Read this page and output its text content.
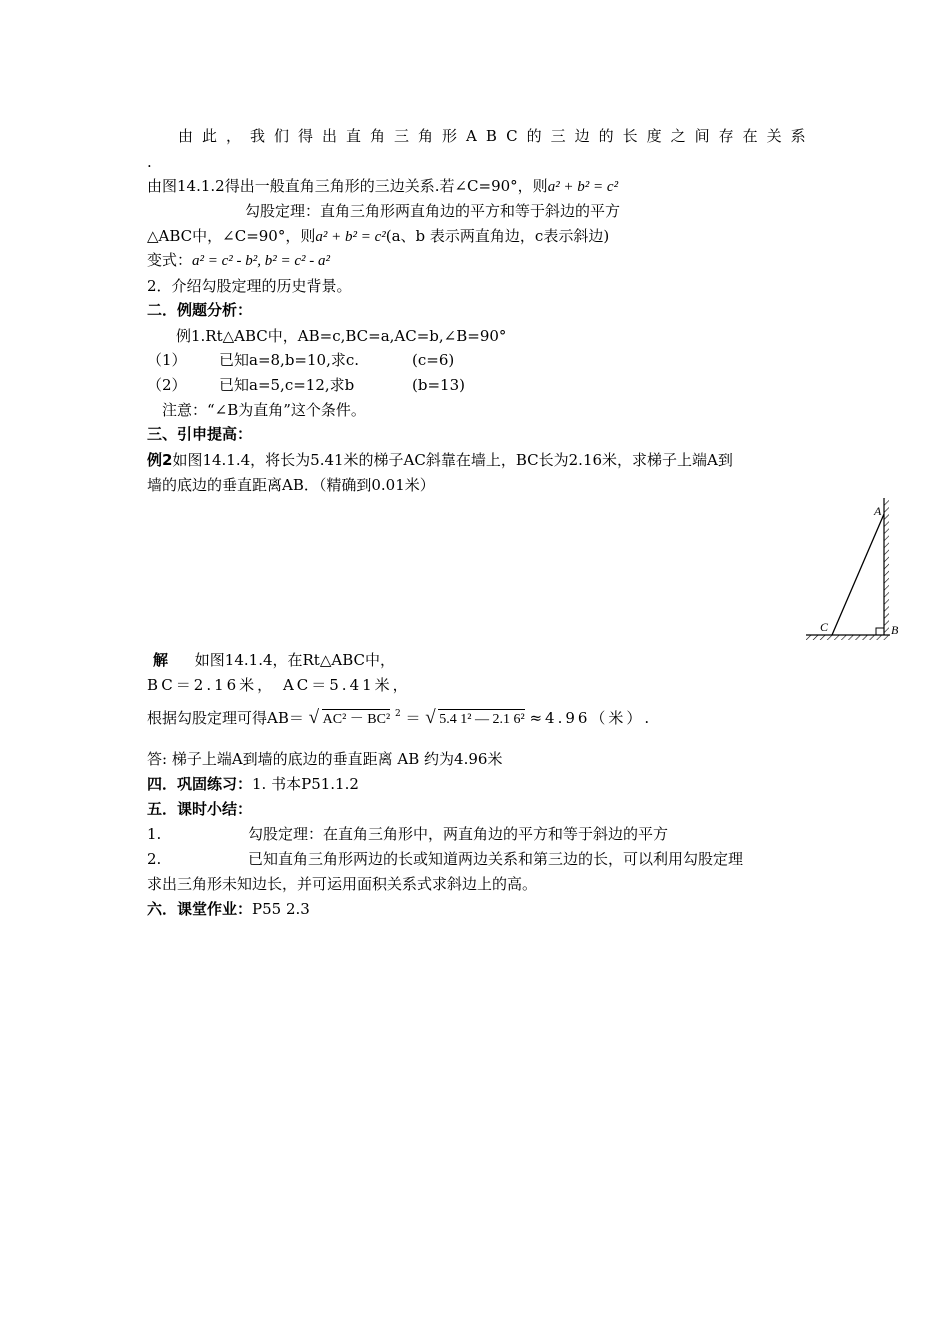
由此，我们得出直角三角形ABC的三边的长度之间存在关系
.
由图14.1.2得出一般直角三角形的三边关系.若∠C=90°，则a² + b² = c²
勾股定理：直角三角形两直角边的平方和等于斜边的平方
△ABC中，∠C=90°，则a² + b² = c²(a、b 表示两直角边，c表示斜边)
变式：a² = c² - b², b² = c² - a²
2．介绍勾股定理的历史背景。
二．例题分析：
例1.Rt△ABC中，AB=c,BC=a,AC=b,∠B=90°
（1） 已知a=8,b=10,求c.	(c=6)
（2） 已知a=5,c=12,求b	(b=13)
注意：“∠B为直角”这个条件。
三、引申提高：
例2如图14.1.4，将长为5.41米的梯子AC斜靠在墙上，BC长为2.16米，求梯子上端A到
墙的底边的垂直距离AB．（精确到0.01米）
A
B
C
解 如图14.1.4，在Rt△ABC中，
BC＝2.16米， AC＝5.41米，
根据勾股定理可得AB＝ √ AC² － BC² $^2$ ＝ √ 5.4 1² — 2.1 6² ≈4.96（米）.
答: 梯子上端A到墙的底边的垂直距离 AB 约为4.96米
四．巩固练习：1. 书本P51.1.2
五．课时小结：
1.	勾股定理：在直角三角形中，两直角边的平方和等于斜边的平方
2.	已知直角三角形两边的长或知道两边关系和第三边的长，可以利用勾股定理
求出三角形未知边长，并可运用面积关系式求斜边上的高。
六．课堂作业：P55 2.3
